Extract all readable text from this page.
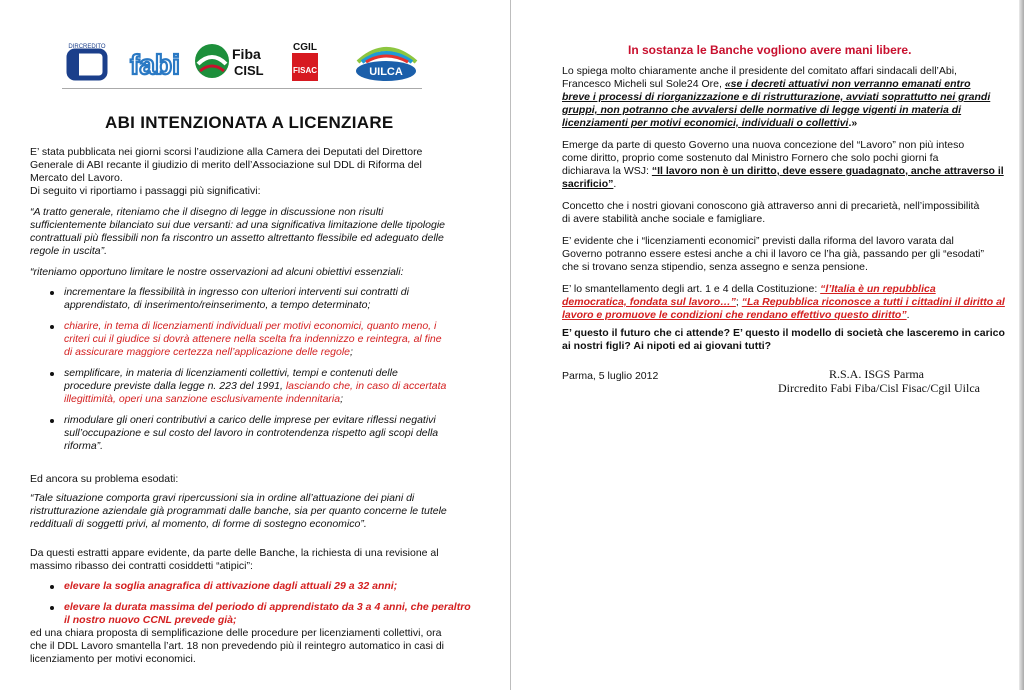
DIRCREDITO
fabi	Fiba
CISL
CGIL
FISAC	UILCA
ABI INTENZIONATA A LICENZIARE
E’ stata pubblicata nei giorni scorsi l’audizione alla Camera dei Deputati del Direttore
Generale di ABI recante il giudizio di merito dell’Associazione sul DDL di Riforma del
Mercato del Lavoro.
Di seguito vi riportiamo i passaggi più significativi:
“A tratto generale, riteniamo che il disegno di legge in discussione non risulti
sufficientemente bilanciato sui due versanti: ad una significativa limitazione delle tipologie
contrattuali più flessibili non fa riscontro un assetto altrettanto flessibile ed adeguato delle
regole in uscita”.
“riteniamo opportuno limitare le nostre osservazioni ad alcuni obiettivi essenziali:
incrementare la flessibilità in ingresso con ulteriori interventi sui contratti di
apprendistato, di inserimento/reinserimento, a tempo determinato;
chiarire, in tema di licenziamenti individuali per motivi economici, quanto meno, i
criteri cui il giudice si dovrà attenere nella scelta fra indennizzo e reintegra, al fine
di assicurare maggiore certezza nell’applicazione delle regole;
semplificare, in materia di licenziamenti collettivi, tempi e contenuti delle
procedure previste dalla legge n. 223 del 1991, lasciando che, in caso di accertata
illegittimità, operi una sanzione esclusivamente indennitaria;
rimodulare gli oneri contributivi a carico delle imprese per evitare riflessi negativi
sull’occupazione e sul costo del lavoro in controtendenza rispetto agli scopi della
riforma”.
Ed ancora su problema esodati:
“Tale situazione comporta gravi ripercussioni sia in ordine all’attuazione dei piani di
ristrutturazione aziendale già programmati dalle banche, sia per quanto concerne le tutele
reddituali di soggetti privi, al momento, di forme di sostegno economico”.
Da questi estratti appare evidente, da parte delle Banche, la richiesta di una revisione al
massimo ribasso dei contratti cosiddetti “atipici”:
elevare la soglia anagrafica di attivazione dagli attuali 29 a 32 anni;
elevare la durata massima del periodo di apprendistato da 3 a 4 anni, che peraltro
il nostro nuovo CCNL prevede già;
ed una chiara proposta di semplificazione delle procedure per licenziamenti collettivi, ora
che il DDL Lavoro smantella l’art. 18 non prevedendo più il reintegro automatico in casi di
licenziamento per motivi economici.
In sostanza le Banche vogliono avere mani libere.
Lo spiega molto chiaramente anche il presidente del comitato affari sindacali dell’Abi,
Francesco Micheli sul Sole24 Ore, «se i decreti attuativi non verranno emanati entro
breve i processi di riorganizzazione e di ristrutturazione, avviati soprattutto nei grandi
gruppi, non potranno che avvalersi delle normative di legge vigenti in materia di
licenziamenti per motivi economici, individuali o collettivi.»
Emerge da parte di questo Governo una nuova concezione del “Lavoro” non più inteso
come diritto, proprio come sostenuto dal Ministro Fornero che solo pochi giorni fa
dichiarava la WSJ: “Il lavoro non è un diritto, deve essere guadagnato, anche attraverso il
sacrificio”.
Concetto che i nostri giovani conoscono già attraverso anni di precarietà, nell’impossibilità
di avere stabilità anche sociale e famigliare.
E’ evidente che i “licenziamenti economici” previsti dalla riforma del lavoro varata dal
Governo potranno essere estesi anche a chi il lavoro ce l’ha già, passando per gli “esodati”
che si trovano senza stipendio, senza assegno e senza pensione.
E’ lo smantellamento degli art. 1 e 4 della Costituzione: “l’Italia è un repubblica
democratica, fondata sul lavoro…”; “La Repubblica riconosce a tutti i cittadini il diritto al
lavoro e promuove le condizioni che rendano effettivo questo diritto”.
E’ questo il futuro che ci attende? E’ questo il modello di società che lasceremo in carico
ai nostri figli? Ai nipoti ed ai giovani tutti?
Parma, 5 luglio 2012	R.S.A. ISGS Parma
Dircredito Fabi Fiba/Cisl Fisac/Cgil Uilca
